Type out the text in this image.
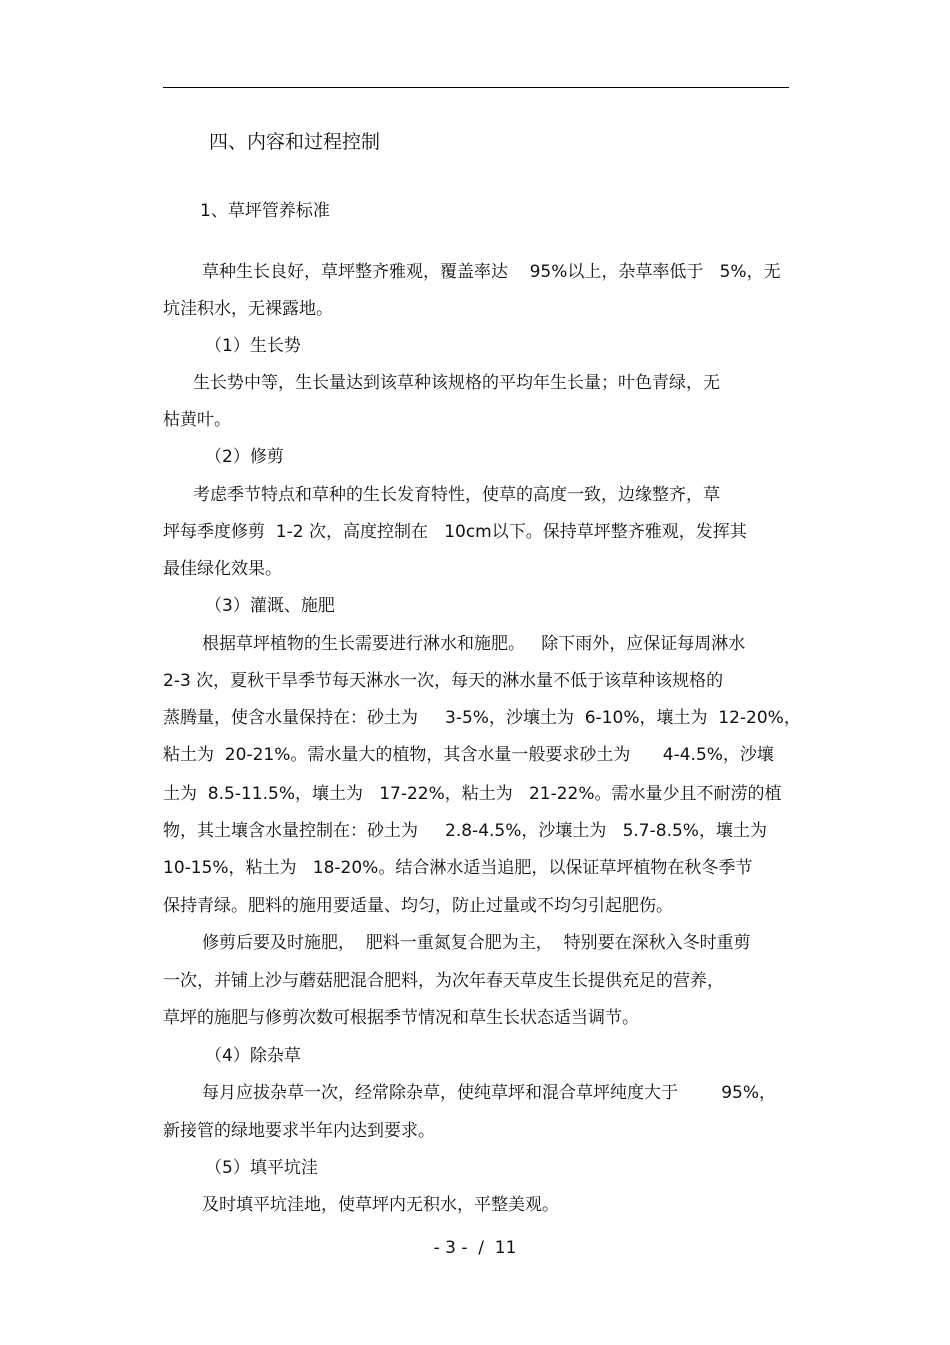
四、内容和过程控制
1、草坪管养标准
草种生长良好，草坪整齐雅观，覆盖率达    95%以上，杂草率低于   5%，无
坑洼积水，无裸露地。
（1）生长势
生长势中等，生长量达到该草种该规格的平均年生长量；叶色青绿，无
枯黄叶。
（2）修剪
考虑季节特点和草种的生长发育特性，使草的高度一致，边缘整齐，草
坪每季度修剪  1-2 次，高度控制在   10cm以下。保持草坪整齐雅观，发挥其
最佳绿化效果。
（3）灌溉、施肥
根据草坪植物的生长需要进行淋水和施肥。   除下雨外，应保证每周淋水
2-3 次，夏秋干旱季节每天淋水一次，每天的淋水量不低于该草种该规格的
蒸腾量，使含水量保持在：砂土为     3-5%，沙壤土为  6-10%，壤土为  12-20%，
粘土为  20-21%。需水量大的植物，其含水量一般要求砂土为      4-4.5%，沙壤
土为  8.5-11.5%，壤土为   17-22%，粘土为   21-22%。需水量少且不耐涝的植
物，其土壤含水量控制在：砂土为     2.8-4.5%，沙壤土为   5.7-8.5%，壤土为
10-15%，粘土为   18-20%。结合淋水适当追肥，以保证草坪植物在秋冬季节
保持青绿。肥料的施用要适量、均匀，防止过量或不均匀引起肥伤。
修剪后要及时施肥，  肥料一重氮复合肥为主，  特别要在深秋入冬时重剪
一次，并铺上沙与蘑菇肥混合肥料，为次年春天草皮生长提供充足的营养，
草坪的施肥与修剪次数可根据季节情况和草生长状态适当调节。
（4）除杂草
每月应拔杂草一次，经常除杂草，使纯草坪和混合草坪纯度大于        95%，
新接管的绿地要求半年内达到要求。
（5）填平坑洼
及时填平坑洼地，使草坪内无积水，平整美观。
- 3 -  /  11
